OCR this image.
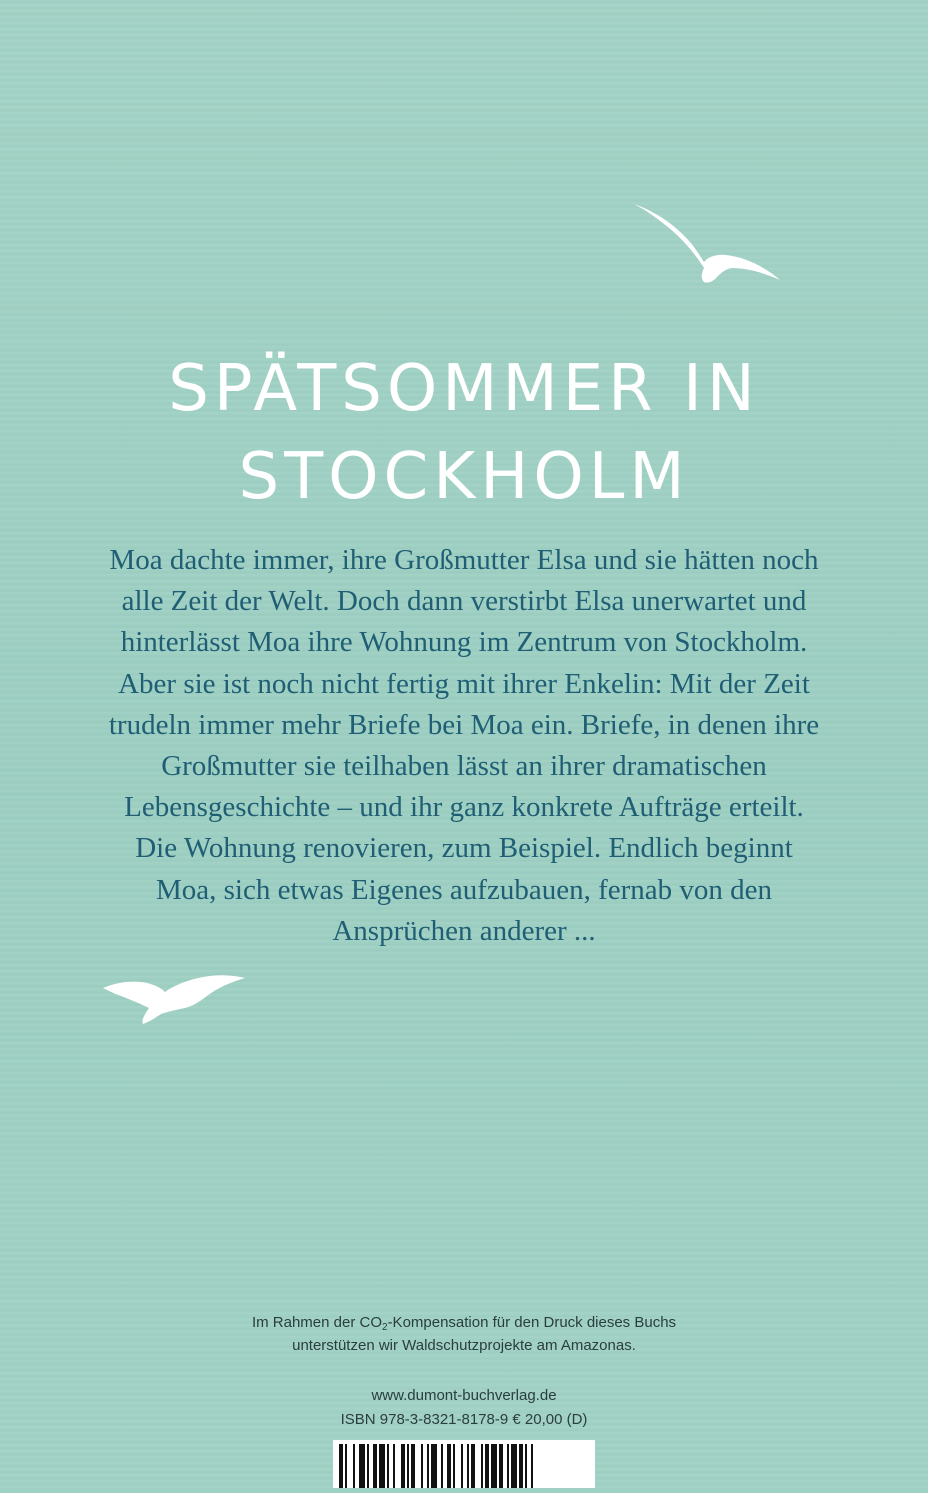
SPÄTSOMMER IN
STOCKHOLM
Moa dachte immer, ihre Großmutter Elsa und sie hätten noch
alle Zeit der Welt. Doch dann verstirbt Elsa unerwartet und
hinterlässt Moa ihre Wohnung im Zentrum von Stockholm.
Aber sie ist noch nicht fertig mit ihrer Enkelin: Mit der Zeit
trudeln immer mehr Briefe bei Moa ein. Briefe, in denen ihre
Großmutter sie teilhaben lässt an ihrer dramatischen
Lebensgeschichte – und ihr ganz konkrete Aufträge erteilt.
Die Wohnung renovieren, zum Beispiel. Endlich beginnt
Moa, sich etwas Eigenes aufzubauen, fernab von den
Ansprüchen anderer ...
Im Rahmen der $CO_2$-Kompensation für den Druck dieses Buchs
unterstützen wir Waldschutzprojekte am Amazonas.
www.dumont-buchverlag.de
ISBN 978-3-8321-8178-9 € 20,00 (D)
